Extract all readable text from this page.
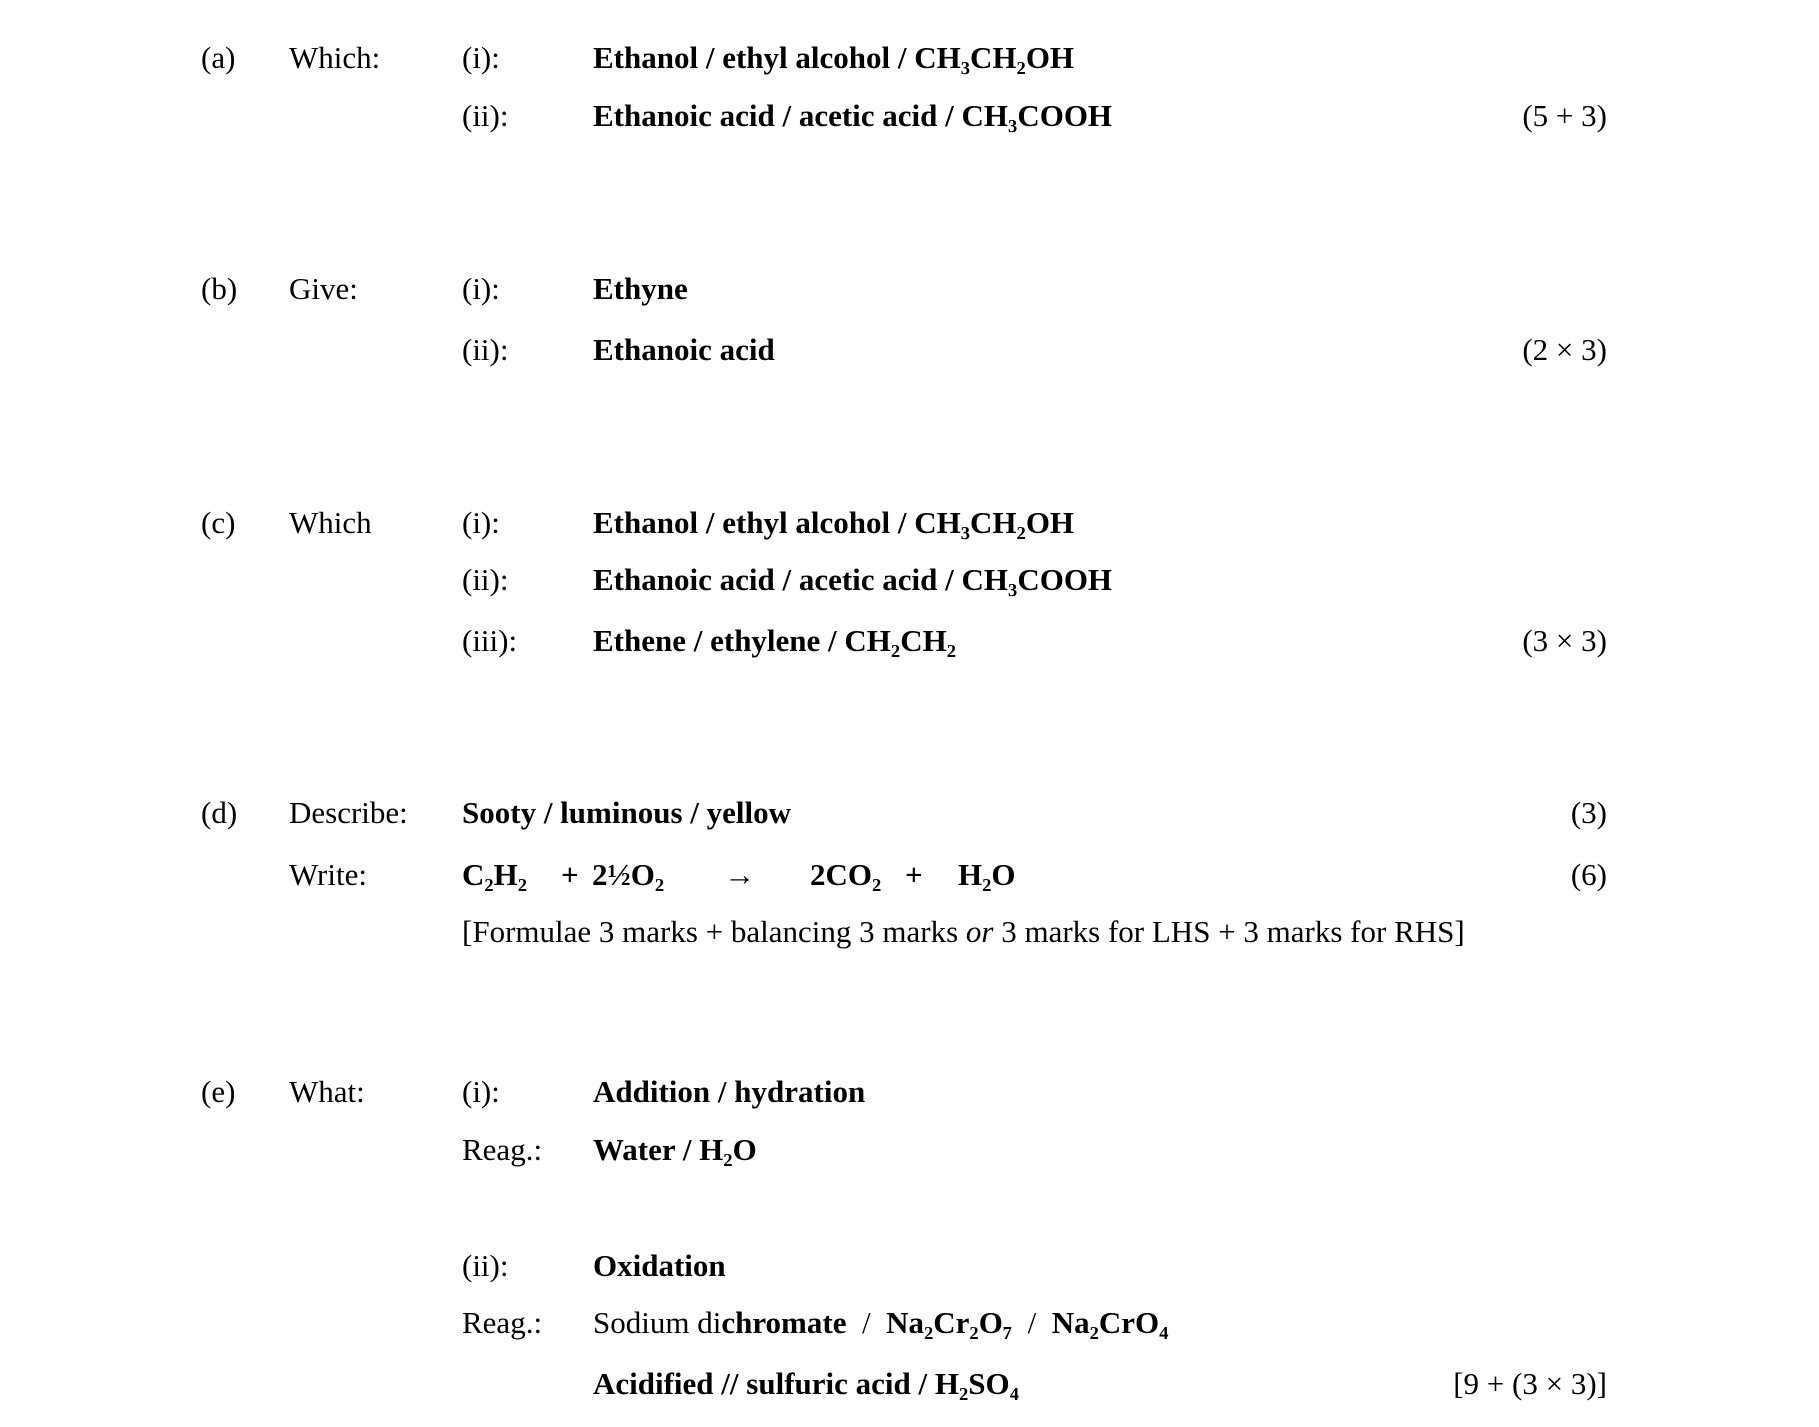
(a) Which:	(i):	Ethanol / ethyl alcohol / CH₃CH₂OH
(ii):	Ethanoic acid / acetic acid / CH₃COOH	(5 + 3)
(b) Give:	(i):	Ethyne
(ii):	Ethanoic acid	(2 × 3)
(c) Which	(i):	Ethanol / ethyl alcohol / CH₃CH₂OH
(ii):	Ethanoic acid / acetic acid / CH₃COOH
(iii): Ethene / ethylene / CH₂CH₂	(3 × 3)
(d) Describe: Sooty / luminous / yellow	(3)
Write:	C₂H₂ + 2½O₂ → 2CO₂ + H₂O	(6)
[Formulae 3 marks + balancing 3 marks or 3 marks for LHS + 3 marks for RHS]
(e) What:	(i):	Addition / hydration
Reag.: Water / H₂O
(ii):	Oxidation
Reag.: Sodium dichromate  /  Na₂Cr₂O₇  /  Na₂CrO₄
Acidified // sulfuric acid / H₂SO₄	[9 + (3 × 3)]
